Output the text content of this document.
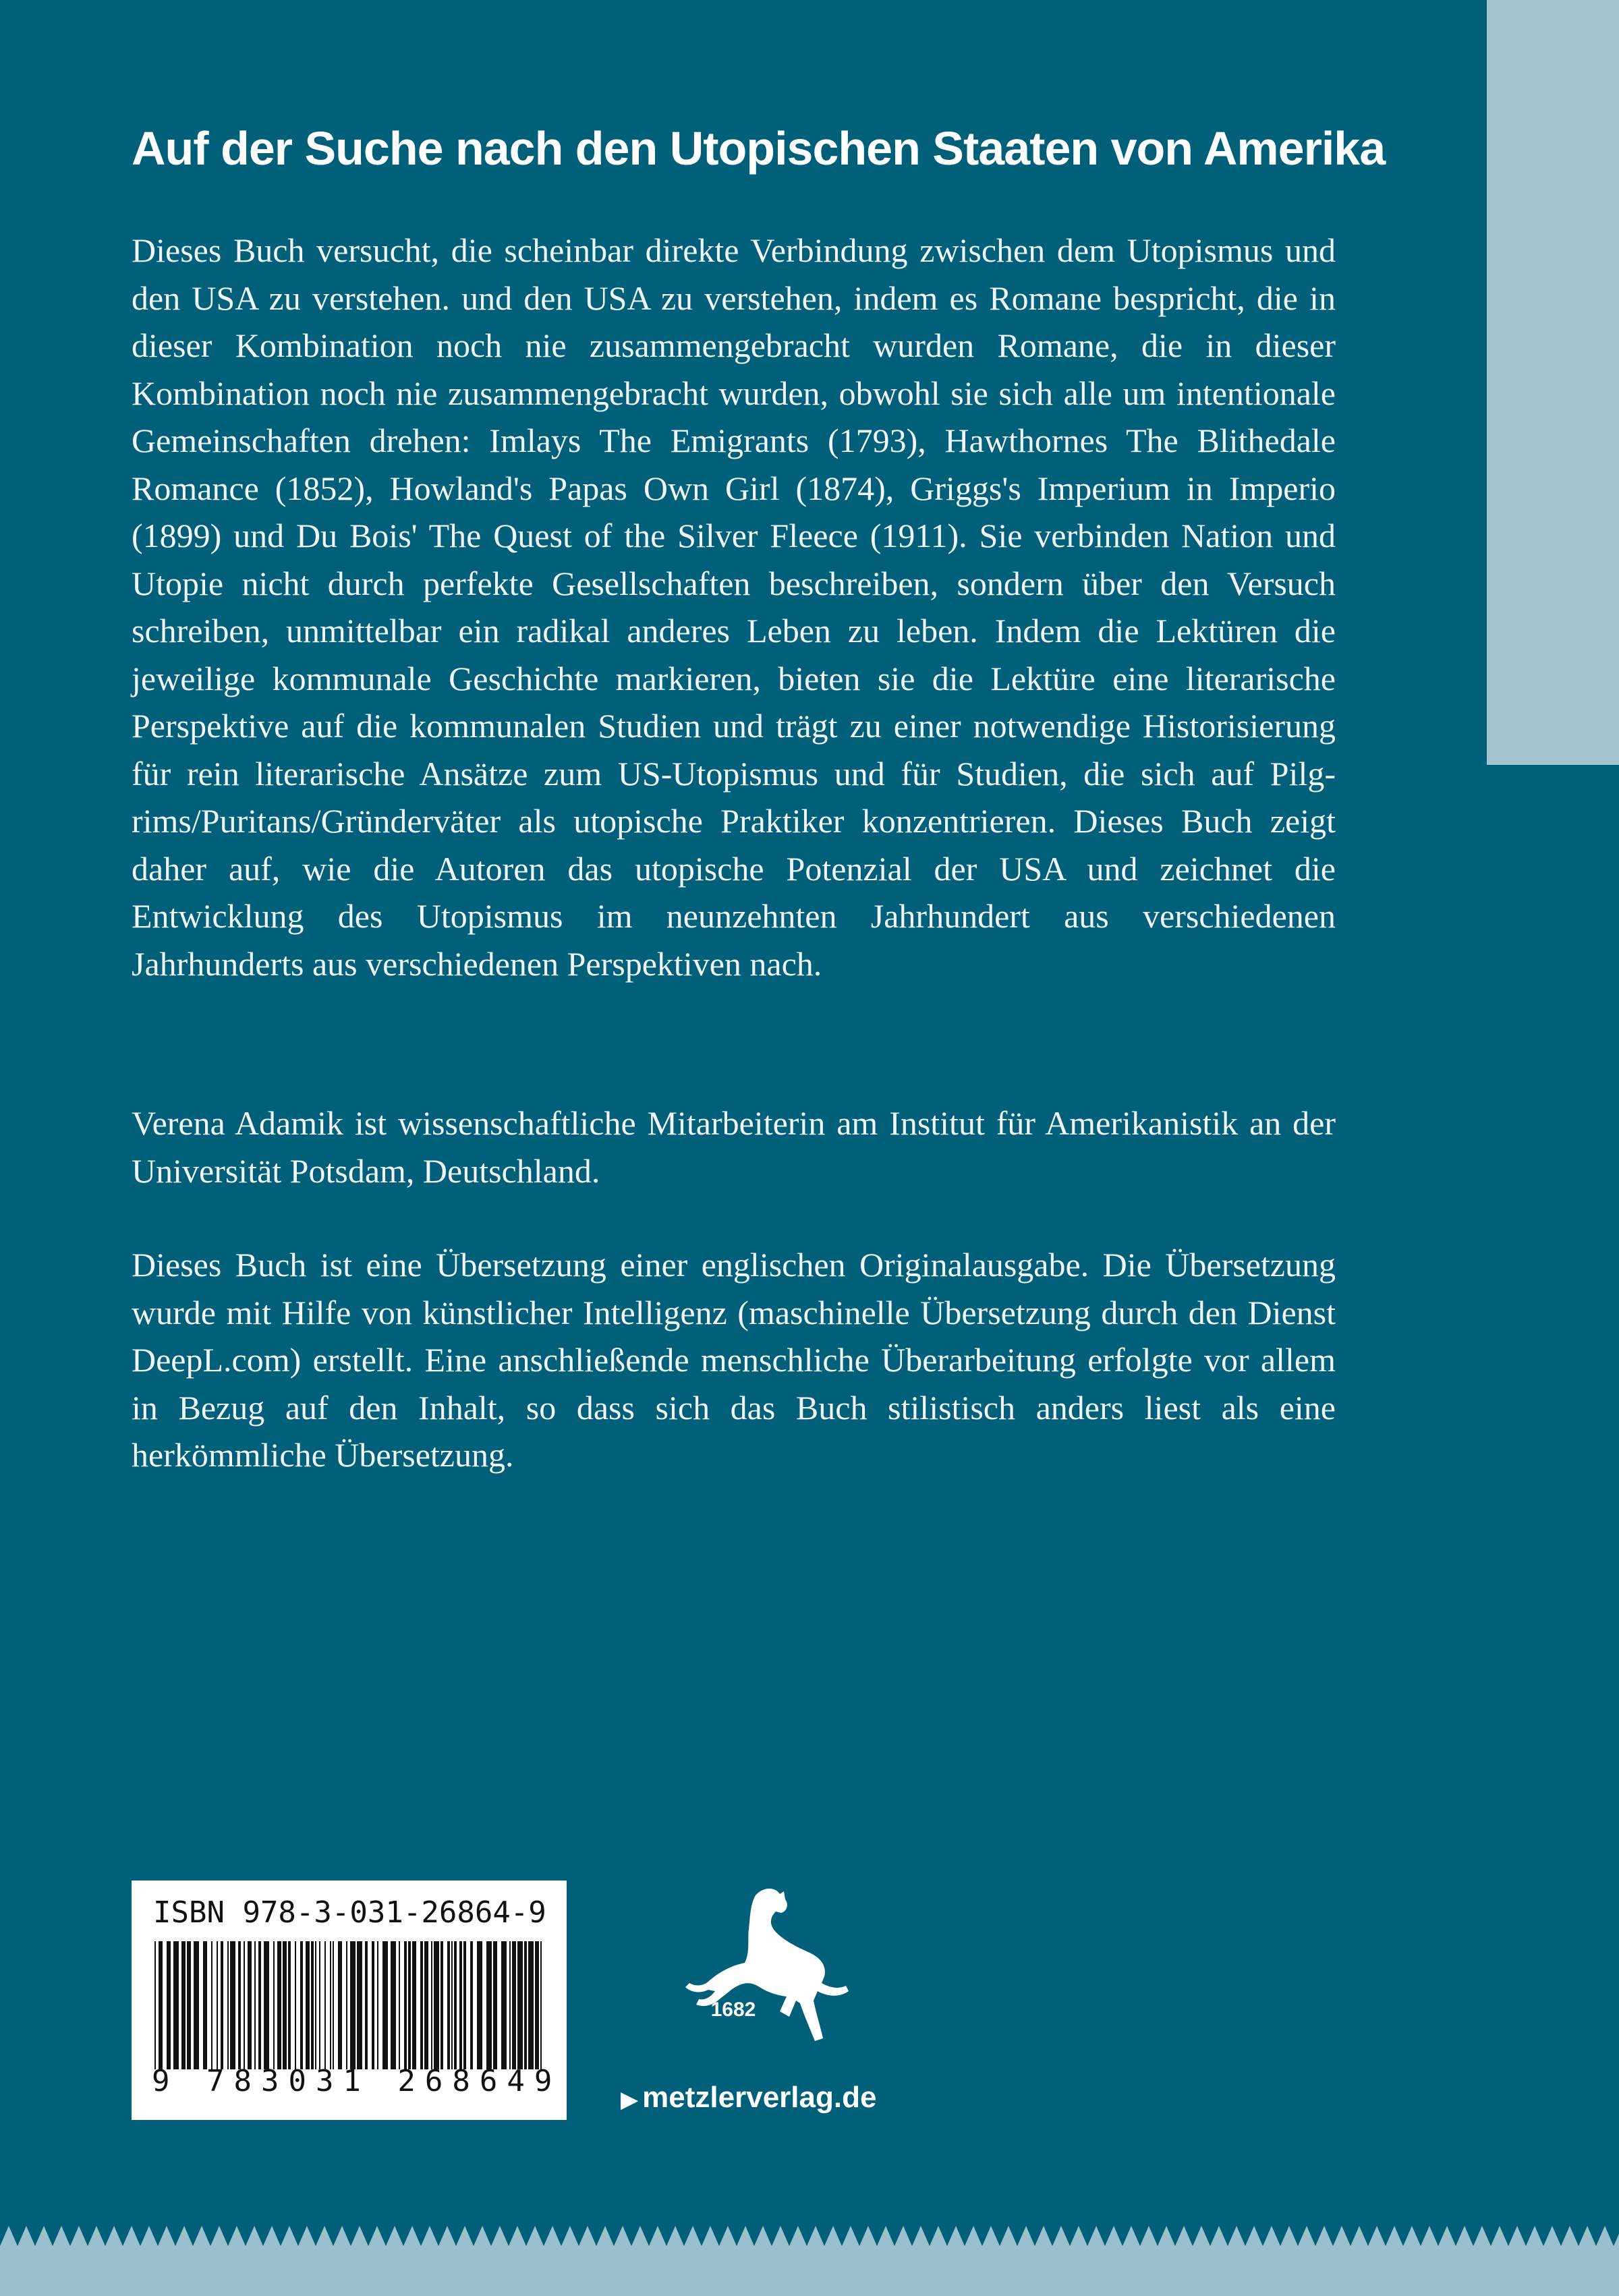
Auf der Suche nach den Utopischen Staaten von Amerika

Dieses Buch versucht, die scheinbar direkte Verbindung zwischen dem Utopismus und den USA zu verstehen. und den USA zu verstehen, indem es Romane bespricht, die in dieser Kombination noch nie zusammengebracht wurden Romane, die in dieser Kombination noch nie zusammengebracht wurden, obwohl sie sich alle um intentionale Gemeinschaften drehen: Imlays The Emigrants (1793), Hawthornes The Blithedale Romance (1852), Howland's Papas Own Girl (1874), Griggs's Imperium in Imperio (1899) und Du Bois' The Quest of the Silver Fleece (1911). Sie verbinden Nation und Utopie nicht durch perfekte Gesellschaften beschreiben, sondern über den Versuch schreiben, unmittelbar ein radikal anderes Leben zu leben. Indem die Lektüren die jeweilige kommunale Geschichte markieren, bieten sie die Lektüre eine literarische Perspektive auf die kommunalen Studien und trägt zu einer notwendige Historisierung für rein literarische Ansätze zum US-Utopismus und für Studien, die sich auf Pilgrims/Puritans/Gründerväter als utopische Praktiker konzentrieren. Dieses Buch zeigt daher auf, wie die Autoren das utopische Potenzial der USA und zeichnet die Entwicklung des Utopismus im neunzehnten Jahrhundert aus verschiedenen Jahrhunderts aus verschiedenen Perspektiven nach.

Verena Adamik ist wissenschaftliche Mitarbeiterin am Institut für Amerikanistik an der Universität Potsdam, Deutschland.

Dieses Buch ist eine Übersetzung einer englischen Originalausgabe. Die Übersetzung wurde mit Hilfe von künstlicher Intelligenz (maschinelle Übersetzung durch den Dienst DeepL.com) erstellt. Eine anschließende menschliche Überarbeitung erfolgte vor allem in Bezug auf den Inhalt, so dass sich das Buch stilistisch anders liest als eine herkömmliche Übersetzung.

ISBN 978-3-031-26864-9
9 783031 268649
1682
▶ metzlerverlag.de
